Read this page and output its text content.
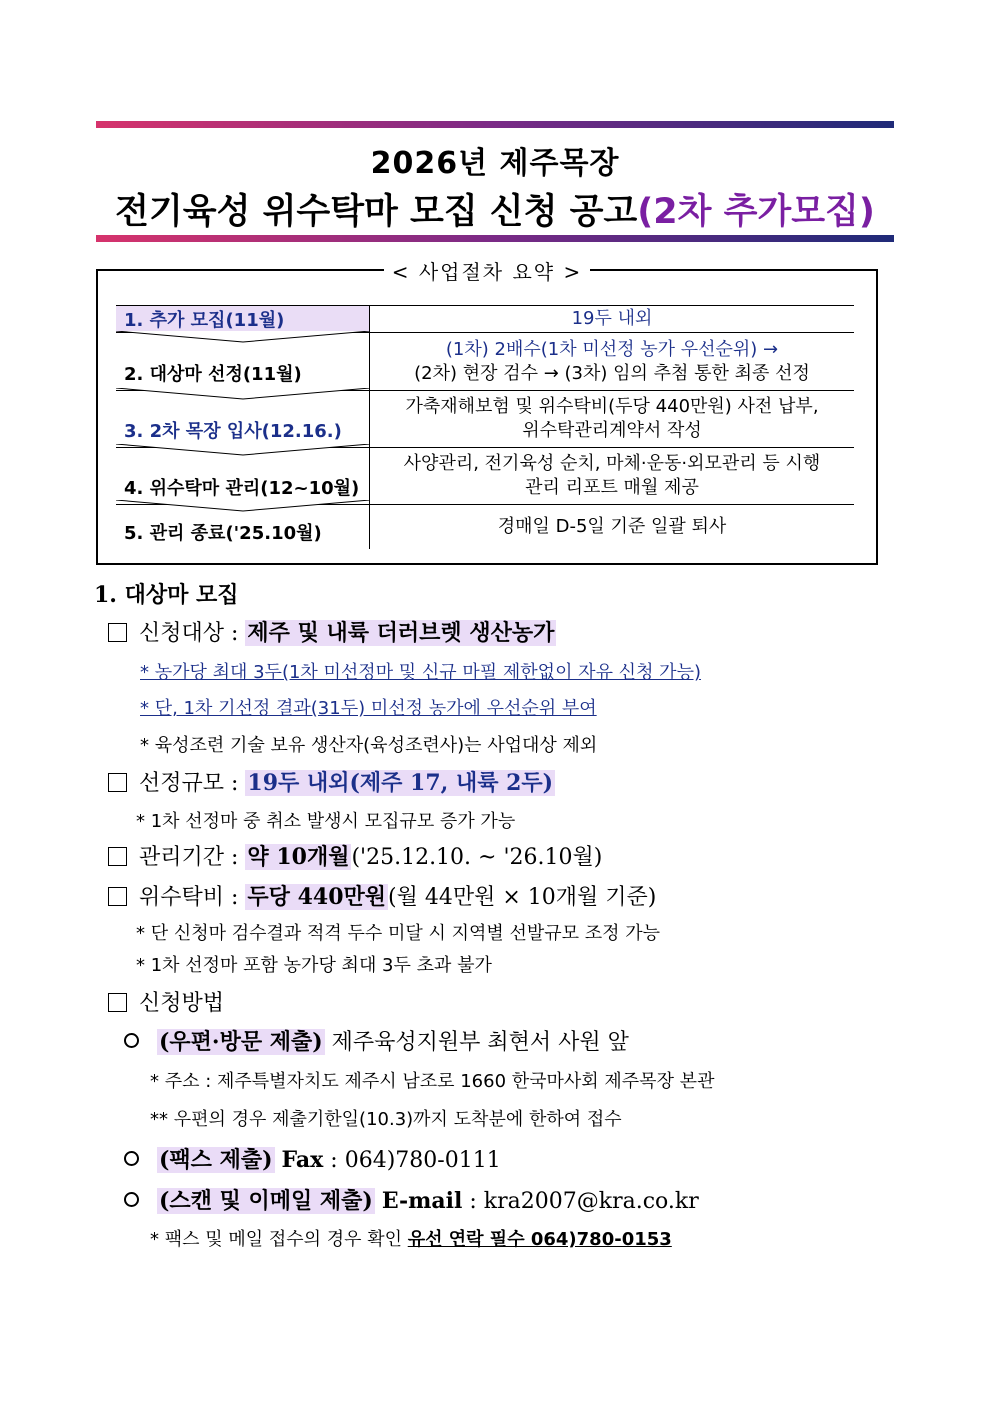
2026년 제주목장
전기육성 위수탁마 모집 신청 공고(2차 추가모집)
< 사업절차 요약 >
1. 추가 모집(11월)	19두 내외
2. 대상마 선정(11월)
(1차) 2배수(1차 미선정 농가 우선순위) →
(2차) 현장 검수 → (3차) 임의 추첨 통한 최종 선정
3. 2차 목장 입사(12.16.)
가축재해보험 및 위수탁비(두당 440만원) 사전 납부,
위수탁관리계약서 작성
4. 위수탁마 관리(12~10월)
사양관리, 전기육성 순치, 마체·운동·외모관리 등 시행
관리 리포트 매월 제공
5. 관리 종료('25.10월)	경매일 D-5일 기준 일괄 퇴사
1. 대상마 모집
신청대상 : 제주 및 내륙 더러브렛 생산농가
* 농가당 최대 3두(1차 미선정마 및 신규 마필 제한없이 자유 신청 가능)
* 단, 1차 기선정 결과(31두) 미선정 농가에 우선순위 부여
* 육성조련 기술 보유 생산자(육성조련사)는 사업대상 제외
선정규모 : 19두 내외(제주 17, 내륙 2두)
* 1차 선정마 중 취소 발생시 모집규모 증가 가능
관리기간 : 약 10개월('25.12.10. ~ '26.10월)
위수탁비 : 두당 440만원(월 44만원 × 10개월 기준)
* 단 신청마 검수결과 적격 두수 미달 시 지역별 선발규모 조정 가능
* 1차 선정마 포함 농가당 최대 3두 초과 불가
신청방법
(우편·방문 제출) 제주육성지원부 최현서 사원 앞
* 주소 : 제주특별자치도 제주시 남조로 1660 한국마사회 제주목장 본관
** 우편의 경우 제출기한일(10.3)까지 도착분에 한하여 접수
(팩스 제출) Fax : 064)780-0111
(스캔 및 이메일 제출) E-mail : kra2007@kra.co.kr
* 팩스 및 메일 접수의 경우 확인 유선 연락 필수 064)780-0153
